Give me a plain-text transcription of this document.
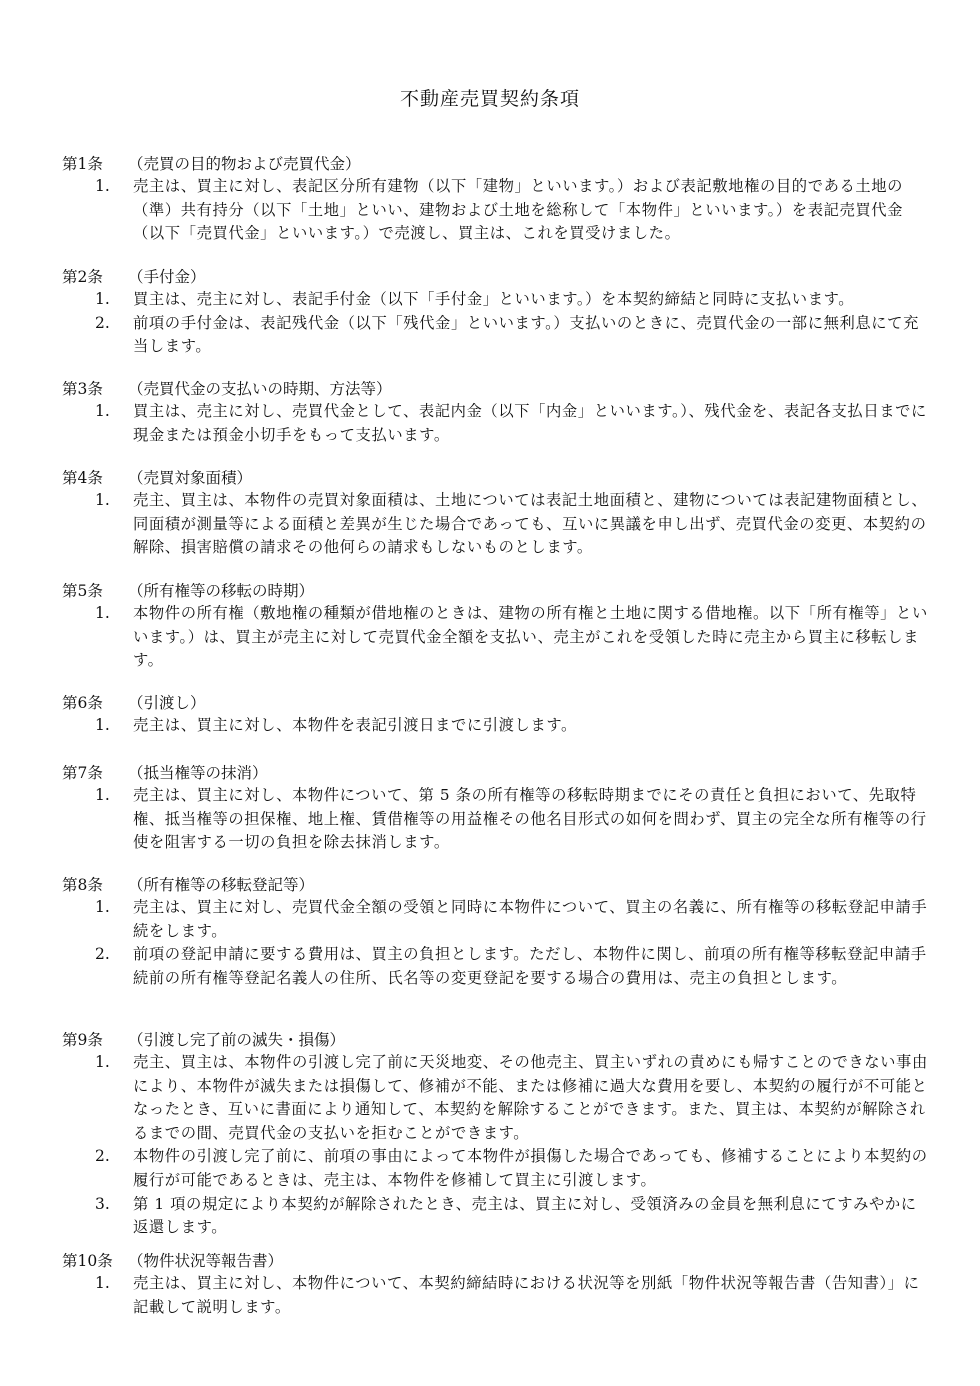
不動産売買契約条項
第1条 （売買の目的物および売買代金）
1.	売主は、買主に対し、表記区分所有建物（以下「建物」といいます。）および表記敷地権の目的である土地の（準）共有持分（以下「土地」といい、建物および土地を総称して「本物件」といいます。）を表記売買代金（以下「売買代金」といいます。）で売渡し、買主は、これを買受けました。
第2条 （手付金）
1.	買主は、売主に対し、表記手付金（以下「手付金」といいます。）を本契約締結と同時に支払います。
2.	前項の手付金は、表記残代金（以下「残代金」といいます。）支払いのときに、売買代金の一部に無利息にて充当します。
第3条 （売買代金の支払いの時期、方法等）
1.	買主は、売主に対し、売買代金として、表記内金（以下「内金」といいます。）、残代金を、表記各支払日までに現金または預金小切手をもって支払います。
第4条 （売買対象面積）
1.	売主、買主は、本物件の売買対象面積は、土地については表記土地面積と、建物については表記建物面積とし、同面積が測量等による面積と差異が生じた場合であっても、互いに異議を申し出ず、売買代金の変更、本契約の解除、損害賠償の請求その他何らの請求もしないものとします。
第5条 （所有権等の移転の時期）
1.	本物件の所有権（敷地権の種類が借地権のときは、建物の所有権と土地に関する借地権。以下「所有権等」といいます。）は、買主が売主に対して売買代金全額を支払い、売主がこれを受領した時に売主から買主に移転します。
第6条 （引渡し）
1.	売主は、買主に対し、本物件を表記引渡日までに引渡します。
第7条 （抵当権等の抹消）
1.	売主は、買主に対し、本物件について、第 5 条の所有権等の移転時期までにその責任と負担において、先取特権、抵当権等の担保権、地上権、賃借権等の用益権その他名目形式の如何を問わず、買主の完全な所有権等の行使を阻害する一切の負担を除去抹消します。
第8条 （所有権等の移転登記等）
1.	売主は、買主に対し、売買代金全額の受領と同時に本物件について、買主の名義に、所有権等の移転登記申請手続をします。
2.	前項の登記申請に要する費用は、買主の負担とします。ただし、本物件に関し、前項の所有権等移転登記申請手続前の所有権等登記名義人の住所、氏名等の変更登記を要する場合の費用は、売主の負担とします。
第9条 （引渡し完了前の滅失・損傷）
1.	売主、買主は、本物件の引渡し完了前に天災地変、その他売主、買主いずれの責めにも帰すことのできない事由により、本物件が滅失または損傷して、修補が不能、または修補に過大な費用を要し、本契約の履行が不可能となったとき、互いに書面により通知して、本契約を解除することができます。また、買主は、本契約が解除されるまでの間、売買代金の支払いを拒むことができます。
2.	本物件の引渡し完了前に、前項の事由によって本物件が損傷した場合であっても、修補することにより本契約の履行が可能であるときは、売主は、本物件を修補して買主に引渡します。
3.	第 1 項の規定により本契約が解除されたとき、売主は、買主に対し、受領済みの金員を無利息にてすみやかに返還します。
第10条 （物件状況等報告書）
1.	売主は、買主に対し、本物件について、本契約締結時における状況等を別紙「物件状況等報告書（告知書）」に記載して説明します。
